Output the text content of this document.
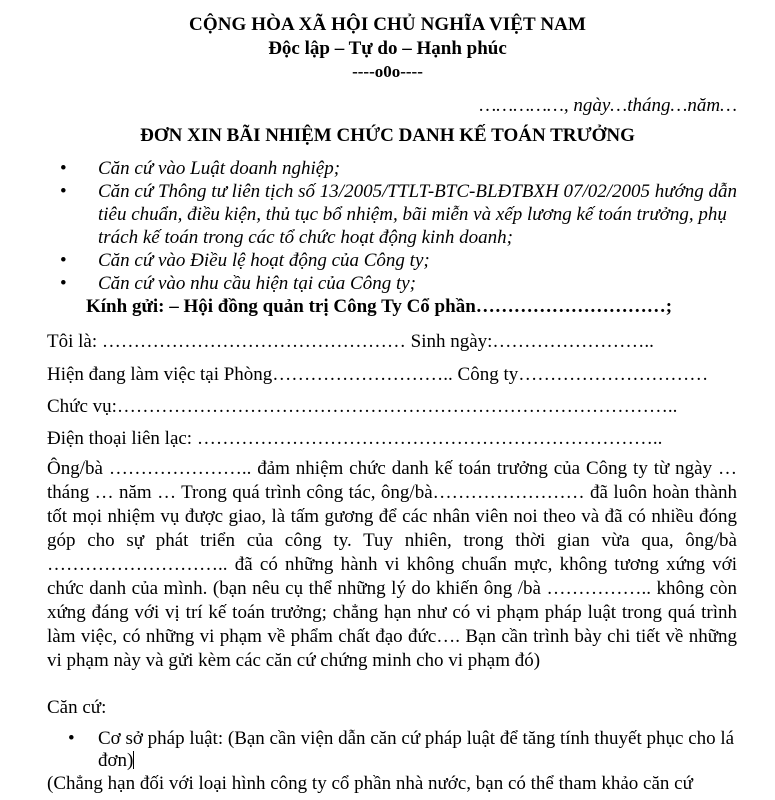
CỘNG HÒA XÃ HỘI CHỦ NGHĨA VIỆT NAM
Độc lập – Tự do – Hạnh phúc
----o0o----
……………, ngày…tháng…năm…
ĐƠN XIN BÃI NHIỆM CHỨC DANH KẾ TOÁN TRƯỞNG
• Căn cứ vào Luật doanh nghiệp;
• Căn cứ Thông tư liên tịch số 13/2005/TTLT-BTC-BLĐTBXH 07/02/2005 hướng dẫn tiêu chuẩn, điều kiện, thủ tục bổ nhiệm, bãi miễn và xếp lương kế toán trưởng, phụ trách kế toán trong các tổ chức hoạt động kinh doanh;
• Căn cứ vào Điều lệ hoạt động của Công ty;
• Căn cứ vào nhu cầu hiện tại của Công ty;
Kính gửi: – Hội đồng quản trị Công Ty Cổ phần…………………………;
Tôi là: ………………………………………… Sinh ngày:……………………..
Hiện đang làm việc tại Phòng……………………….. Công ty…………………………
Chức vụ:……………………………………………………………………………..
Điện thoại liên lạc: ………………………………………………………………..

Ông/bà ………………….. đảm nhiệm chức danh kế toán trưởng của Công ty từ ngày … tháng … năm … Trong quá trình công tác, ông/bà…………………… đã luôn hoàn thành tốt mọi nhiệm vụ được giao, là tấm gương để các nhân viên noi theo và đã có nhiều đóng góp cho sự phát triển của công ty. Tuy nhiên, trong thời gian vừa qua, ông/bà ……………………….. đã có những hành vi không chuẩn mực, không tương xứng với chức danh của mình. (bạn nêu cụ thể những lý do khiến ông /bà …………….. không còn xứng đáng với vị trí kế toán trưởng; chẳng hạn như có vi phạm pháp luật trong quá trình làm việc, có những vi phạm về phẩm chất đạo đức…. Bạn cần trình bày chi tiết về những vi phạm này và gửi kèm các căn cứ chứng minh cho vi phạm đó)

Căn cứ:
• Cơ sở pháp luật: (Bạn cần viện dẫn căn cứ pháp luật để tăng tính thuyết phục cho lá đơn)

(Chẳng hạn đối với loại hình công ty cổ phần nhà nước, bạn có thể tham khảo căn cứ
